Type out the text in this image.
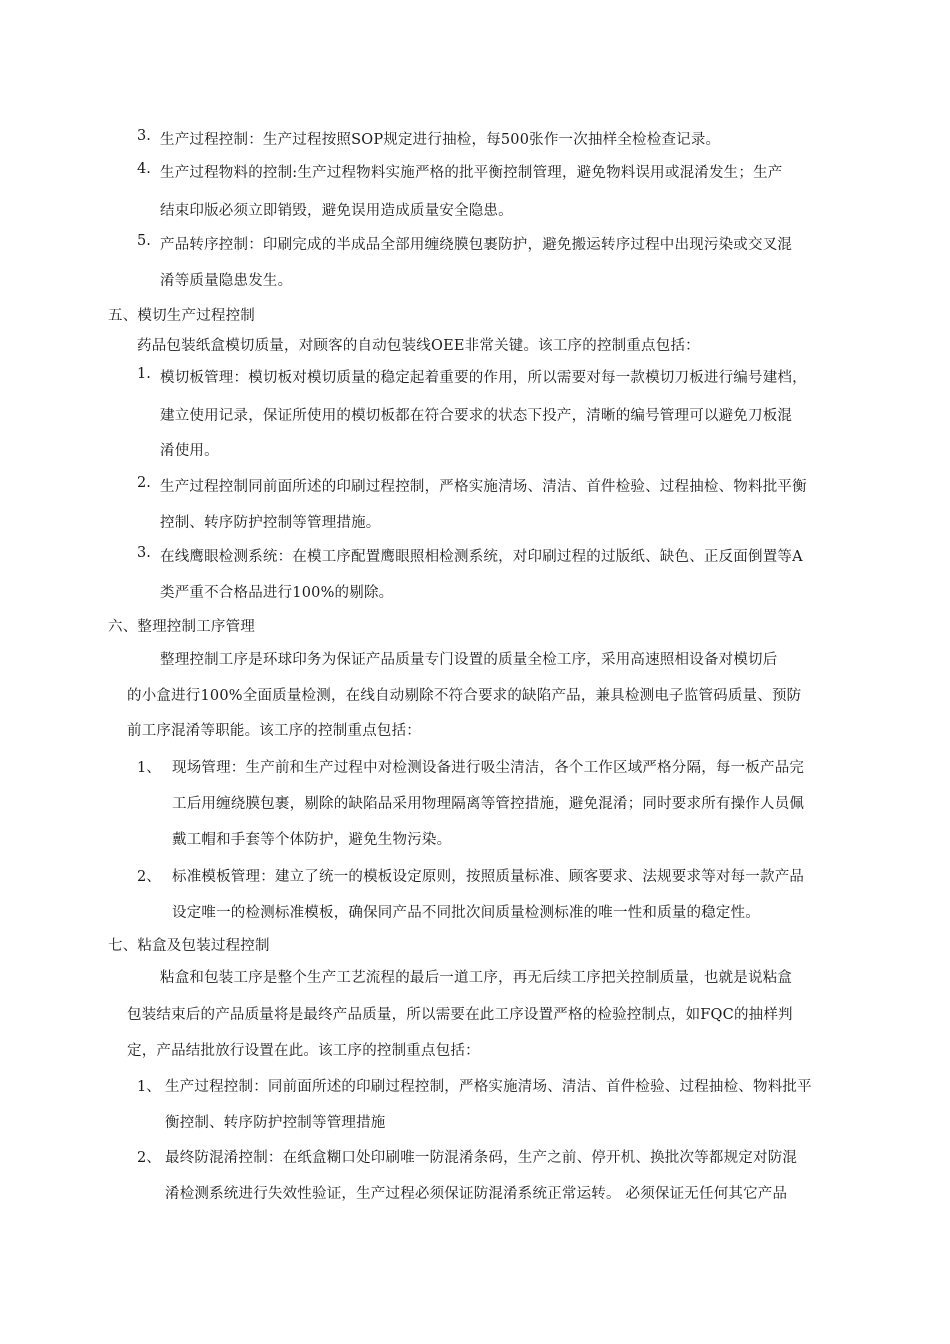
3. 生产过程控制：生产过程按照SOP规定进行抽检，每500张作一次抽样全检检查记录。
4. 生产过程物料的控制:生产过程物料实施严格的批平衡控制管理，避免物料误用或混淆发生；生产
结束印版必须立即销毁，避免误用造成质量安全隐患。
5. 产品转序控制：印刷完成的半成品全部用缠绕膜包裹防护，避免搬运转序过程中出现污染或交叉混
淆等质量隐患发生。
五、模切生产过程控制
药品包装纸盒模切质量，对顾客的自动包装线OEE非常关键。该工序的控制重点包括：
1. 模切板管理：模切板对模切质量的稳定起着重要的作用，所以需要对每一款模切刀板进行编号建档，
建立使用记录，保证所使用的模切板都在符合要求的状态下投产，清晰的编号管理可以避免刀板混
淆使用。
2. 生产过程控制同前面所述的印刷过程控制，严格实施清场、清洁、首件检验、过程抽检、物料批平衡
控制、转序防护控制等管理措施。
3. 在线鹰眼检测系统：在模工序配置鹰眼照相检测系统，对印刷过程的过版纸、缺色、正反面倒置等A
类严重不合格品进行100%的剔除。
六、整理控制工序管理
整理控制工序是环球印务为保证产品质量专门设置的质量全检工序，采用高速照相设备对模切后
的小盒进行100%全面质量检测，在线自动剔除不符合要求的缺陷产品，兼具检测电子监管码质量、预防
前工序混淆等职能。该工序的控制重点包括：
1、 现场管理：生产前和生产过程中对检测设备进行吸尘清洁，各个工作区域严格分隔，每一板产品完
工后用缠绕膜包裹，剔除的缺陷品采用物理隔离等管控措施，避免混淆；同时要求所有操作人员佩
戴工帽和手套等个体防护，避免生物污染。
2、 标准模板管理：建立了统一的模板设定原则，按照质量标准、顾客要求、法规要求等对每一款产品
设定唯一的检测标准模板，确保同产品不同批次间质量检测标准的唯一性和质量的稳定性。
七、粘盒及包装过程控制
粘盒和包装工序是整个生产工艺流程的最后一道工序，再无后续工序把关控制质量，也就是说粘盒
包装结束后的产品质量将是最终产品质量，所以需要在此工序设置严格的检验控制点，如FQC的抽样判
定，产品结批放行设置在此。该工序的控制重点包括：
1、 生产过程控制：同前面所述的印刷过程控制，严格实施清场、清洁、首件检验、过程抽检、物料批平
衡控制、转序防护控制等管理措施
2、 最终防混淆控制：在纸盒糊口处印刷唯一防混淆条码，生产之前、停开机、换批次等都规定对防混
淆检测系统进行失效性验证，生产过程必须保证防混淆系统正常运转。 必须保证无任何其它产品
